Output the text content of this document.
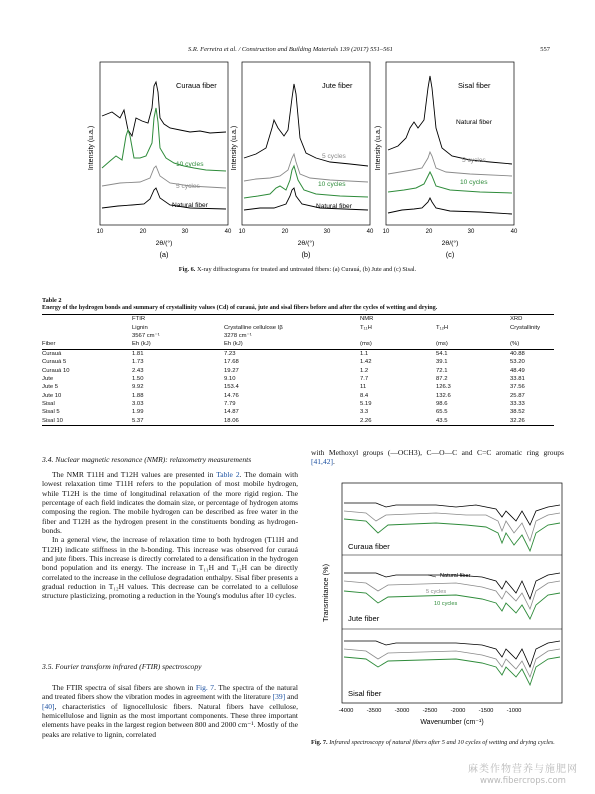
S.R. Ferreira et al. / Construction and Building Materials 139 (2017) 551–561	557
Intensity (u.a.)
Curaua fiber
10 cycles
5 cycles
Natural fiber
10	20	30	40
2θ/(°)
(a)
Intensity (u.a.)
Jute fiber
5 cycles
10 cycles
Natural fiber
10	20	30	40
2θ/(°)
(b)
Intensity (u.a.)
Sisal fiber
5 cycles
10 cycles
Natural fiber
10	20	30	40
2θ/(°)
(c)
Fig. 6. X-ray diffractograms for treated and untreated fibers: (a) Curauá, (b) Jute and (c) Sisal.
Table 2
Energy of the hydrogen bonds and summary of crystallinity values (Cd) of curauá, jute and sisal fibers before and after the cycles of wetting and drying.
	FTIR		NMR		XRD
	Lignin	Crystalline cellulose Iβ	T₁₁H	T₁₂H	Crystallinity
	3567 cm⁻¹	3278 cm⁻¹			
Fiber	Eh (kJ)	Eh (kJ)	(ms)	(ms)	(%)
Curauá	1.81	7.23	1.1	54.1	40.88
Curauá 5	1.73	17.68	1.42	39.1	53.20
Curauá 10	2.43	19.27	1.2	72.1	48.49
Jute	1.50	9.10	7.7	87.2	33.81
Jute 5	9.92	153.4	11	126.3	37.56
Jute 10	1.88	14.76	8.4	132.6	25.87
Sisal	3.03	7.79	5.19	98.6	33.33
Sisal 5	1.99	14.87	3.3	65.5	38.52
Sisal 10	5.37	18.06	2.26	43.5	32.26
3.4. Nuclear magnetic resonance (NMR): relaxometry measurements

The NMR T11H and T12H values are presented in Table 2. The domain with lowest relaxation time T11H refers to the population of most mobile hydrogen, while T12H is the time of longitudinal relaxation of the more rigid region. The percentage of each field indicates the domain size, or percentage of hydrogen atoms composing the region. The mobile hydrogen can be described as free water in the fiber and T12H as the hydrogen present in the constituents bonding as hydrogen-bonds.

In a general view, the increase of relaxation time to both hydrogen (T11H and T12H) indicate stiffness in the h-bonding. This increase was observed for curauá and jute fibers. This increase is directly correlated to a densification in the hydrogen bond population and its energy. The increase in T₁₁H and T₁₂H can be directly correlated to the increase in the cellulose degradation enthalpy. Sisal fiber presents a gradual reduction in T₁₂H values. This decrease can be correlated to a cellulose structure plasticizing, promoting a reduction in the Young's modulus after 10 cycles.

3.5. Fourier transform infrared (FTIR) spectroscopy

The FTIR spectra of sisal fibers are shown in Fig. 7. The spectra of the natural and treated fibers show the vibration modes in agreement with the literature [39] and [40], characteristics of lignocellulosic fibers. Natural fibers have cellulose, hemicellulose and lignin as the most important components. These three important elements have peaks in the largest region between 800 and 2000 cm⁻¹. Mostly of the peaks are relative to lignin, correlated

with Methoxyl groups (—OCH3), C—O—C and C=C aromatic ring groups [41,42].
Transmitance (%)
Curaua fiber
Natural fiber
5 cycles
10 cycles
Jute fiber
Sisal fiber
-4000 -3500 -3000 -2500 -2000 -1500 -1000
Wavenumber (cm⁻¹)
Fig. 7. Infrared spectroscopy of natural fibers after 5 and 10 cycles of wetting and drying cycles.
麻类作物营养与施肥网
www.fibercrops.com
